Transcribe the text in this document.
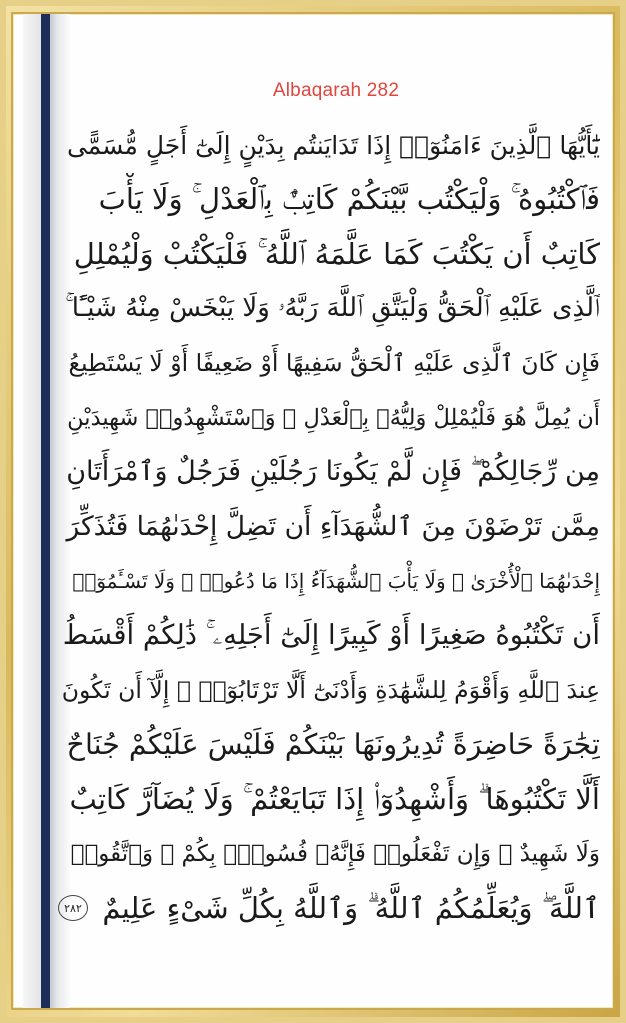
Albaqarah 282
يَٰٓأَيُّهَا ٱلَّذِينَ ءَامَنُوٓا۟ إِذَا تَدَايَنتُم بِدَيْنٍ إِلَىٰٓ أَجَلٍ مُّسَمًّى
فَٱكْتُبُوهُ ۚ وَلْيَكْتُب بَّيْنَكُمْ كَاتِبٌۢ بِٱلْعَدْلِ ۚ وَلَا يَأْبَ
كَاتِبٌ أَن يَكْتُبَ كَمَا عَلَّمَهُ ٱللَّهُ ۚ فَلْيَكْتُبْ وَلْيُمْلِلِ
ٱلَّذِى عَلَيْهِ ٱلْحَقُّ وَلْيَتَّقِ ٱللَّهَ رَبَّهُۥ وَلَا يَبْخَسْ مِنْهُ شَيْـًٔا ۚ
فَإِن كَانَ ٱلَّذِى عَلَيْهِ ٱلْحَقُّ سَفِيهًا أَوْ ضَعِيفًا أَوْ لَا يَسْتَطِيعُ
أَن يُمِلَّ هُوَ فَلْيُمْلِلْ وَلِيُّهُۥ بِٱلْعَدْلِ ۚ وَٱسْتَشْهِدُوا۟ شَهِيدَيْنِ
مِن رِّجَالِكُمْ ۖ فَإِن لَّمْ يَكُونَا رَجُلَيْنِ فَرَجُلٌ وَٱمْرَأَتَانِ
مِمَّن تَرْضَوْنَ مِنَ ٱلشُّهَدَآءِ أَن تَضِلَّ إِحْدَىٰهُمَا فَتُذَكِّرَ
إِحْدَىٰهُمَا ٱلْأُخْرَىٰ ۚ وَلَا يَأْبَ ٱلشُّهَدَآءُ إِذَا مَا دُعُوا۟ ۚ وَلَا تَسْـَٔمُوٓا۟
أَن تَكْتُبُوهُ صَغِيرًا أَوْ كَبِيرًا إِلَىٰٓ أَجَلِهِۦ ۚ ذَٰلِكُمْ أَقْسَطُ
عِندَ ٱللَّهِ وَأَقْوَمُ لِلشَّهَٰدَةِ وَأَدْنَىٰٓ أَلَّا تَرْتَابُوٓا۟ ۖ إِلَّآ أَن تَكُونَ
تِجَٰرَةً حَاضِرَةً تُدِيرُونَهَا بَيْنَكُمْ فَلَيْسَ عَلَيْكُمْ جُنَاحٌ
أَلَّا تَكْتُبُوهَا ۗ وَأَشْهِدُوٓا۟ إِذَا تَبَايَعْتُمْ ۚ وَلَا يُضَآرَّ كَاتِبٌ
وَلَا شَهِيدٌ ۚ وَإِن تَفْعَلُوا۟ فَإِنَّهُۥ فُسُوقٌۢ بِكُمْ ۗ وَٱتَّقُوا۟
ٱللَّهَ ۖ وَيُعَلِّمُكُمُ ٱللَّهُ ۗ وَٱللَّهُ بِكُلِّ شَىْءٍ عَلِيمٌ
٢٨٢
